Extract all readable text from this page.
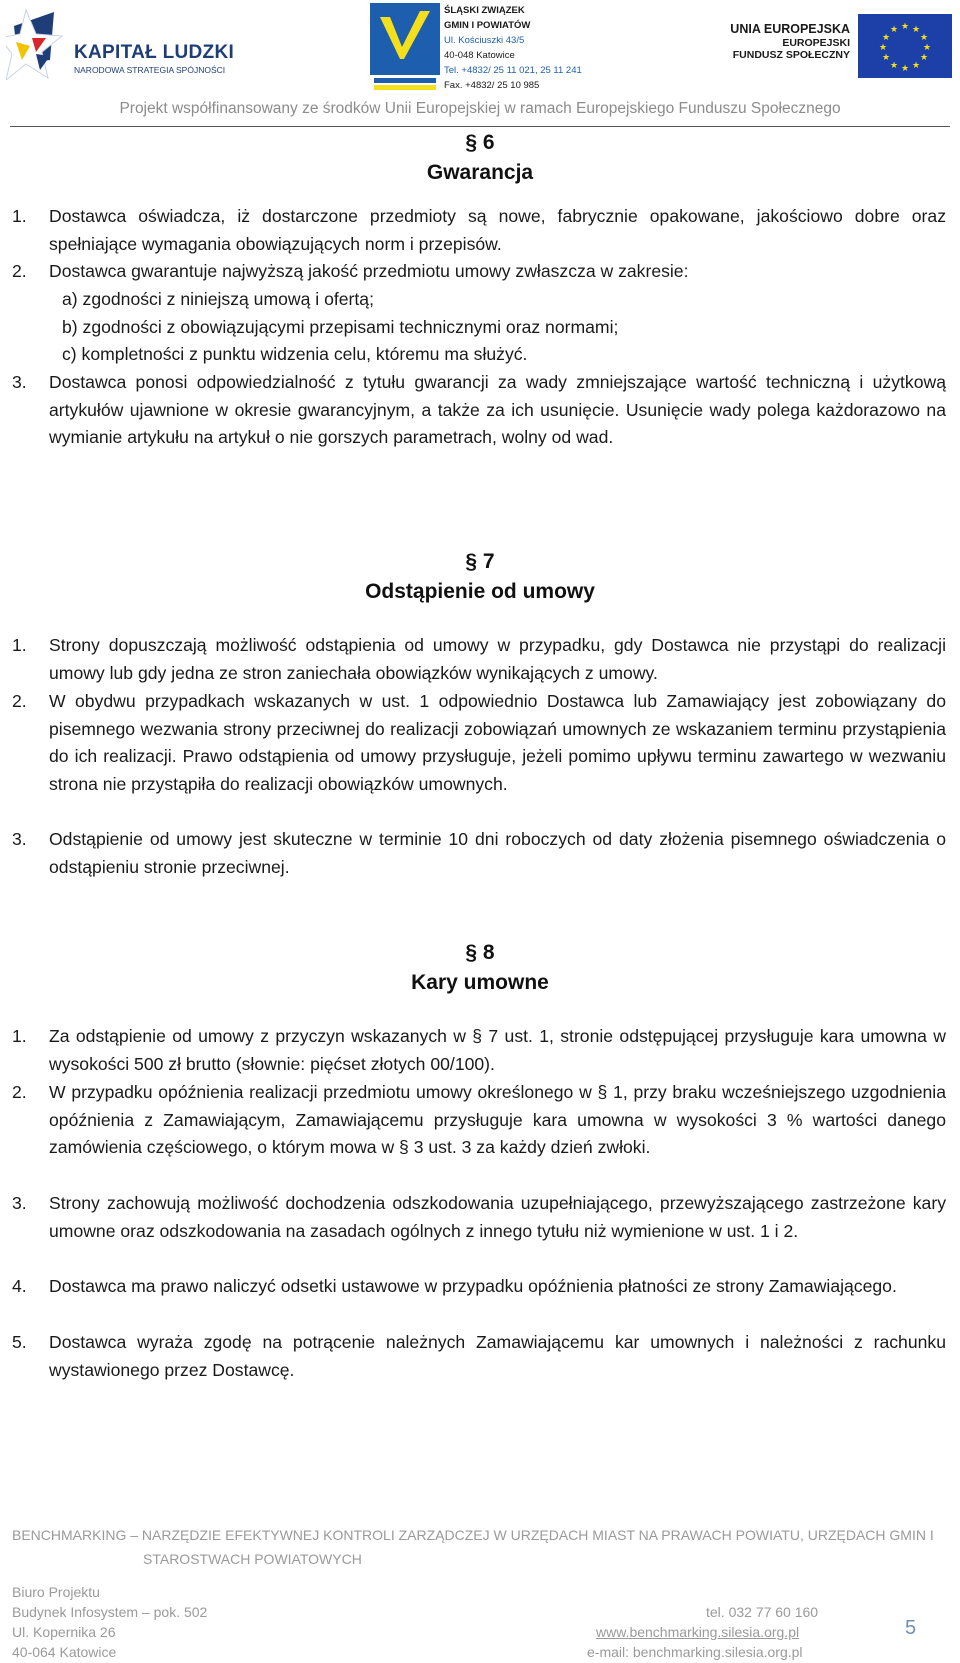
KAPITAŁ LUDZKI
NARODOWA STRATEGIA SPÓJNOŚCI
ŚLĄSKI ZWIĄZEK
GMIN I POWIATÓW
Ul. Kościuszki 43/5
40-048 Katowice
Tel. +4832/ 25 11 021, 25 11 241
Fax. +4832/ 25 10 985
UNIA EUROPEJSKA
EUROPEJSKI
FUNDUSZ SPOŁECZNY
★ ★
★
★
★
★
★
★
★
★
★
★
Projekt współfinansowany ze środków Unii Europejskiej w ramach Europejskiego Funduszu Społecznego
§ 6
Gwarancja
1. Dostawca oświadcza, iż dostarczone przedmioty są nowe, fabrycznie opakowane, jakościowo dobre oraz spełniające wymagania obowiązujących norm i przepisów.
2. Dostawca gwarantuje najwyższą jakość przedmiotu umowy zwłaszcza w zakresie:
a) zgodności z niniejszą umową i ofertą;
b) zgodności z obowiązującymi przepisami technicznymi oraz normami;
c) kompletności z punktu widzenia celu, któremu ma służyć.
3. Dostawca ponosi odpowiedzialność z tytułu gwarancji za wady zmniejszające wartość techniczną i użytkową artykułów ujawnione w okresie gwarancyjnym, a także za ich usunięcie. Usunięcie wady polega każdorazowo na wymianie artykułu na artykuł o nie gorszych parametrach, wolny od wad.
§ 7
Odstąpienie od umowy
1. Strony dopuszczają możliwość odstąpienia od umowy w przypadku, gdy Dostawca nie przystąpi do realizacji umowy lub gdy jedna ze stron zaniechała obowiązków wynikających z umowy.
2. W obydwu przypadkach wskazanych w ust. 1 odpowiednio Dostawca lub Zamawiający jest zobowiązany do pisemnego wezwania strony przeciwnej do realizacji zobowiązań umownych ze wskazaniem terminu przystąpienia do ich realizacji. Prawo odstąpienia od umowy przysługuje, jeżeli pomimo upływu terminu zawartego w wezwaniu strona nie przystąpiła do realizacji obowiązków umownych.
3. Odstąpienie od umowy jest skuteczne w terminie 10 dni roboczych od daty złożenia pisemnego oświadczenia o odstąpieniu stronie przeciwnej.
§ 8
Kary umowne
1. Za odstąpienie od umowy z przyczyn wskazanych w § 7 ust. 1, stronie odstępującej przysługuje kara umowna w wysokości 500 zł brutto (słownie: pięćset złotych 00/100).
2. W przypadku opóźnienia realizacji przedmiotu umowy określonego w § 1, przy braku wcześniejszego uzgodnienia opóźnienia z Zamawiającym, Zamawiającemu przysługuje kara umowna w wysokości 3 % wartości danego zamówienia częściowego, o którym mowa w § 3 ust. 3 za każdy dzień zwłoki.
3. Strony zachowują możliwość dochodzenia odszkodowania uzupełniającego, przewyższającego zastrzeżone kary umowne oraz odszkodowania na zasadach ogólnych z innego tytułu niż wymienione w ust. 1 i 2.
4. Dostawca ma prawo naliczyć odsetki ustawowe w przypadku opóźnienia płatności ze strony Zamawiającego.
5. Dostawca wyraża zgodę na potrącenie należnych Zamawiającemu kar umownych i należności z rachunku wystawionego przez Dostawcę.
BENCHMARKING – NARZĘDZIE EFEKTYWNEJ KONTROLI ZARZĄDCZEJ W URZĘDACH MIAST NA PRAWACH POWIATU, URZĘDACH GMIN I
STAROSTWACH POWIATOWYCH
Biuro Projektu
Budynek Infosystem – pok. 502
Ul. Kopernika 26
40-064 Katowice
tel. 032 77 60 160
www.benchmarking.silesia.org.pl
e-mail: benchmarking.silesia.org.pl
5
